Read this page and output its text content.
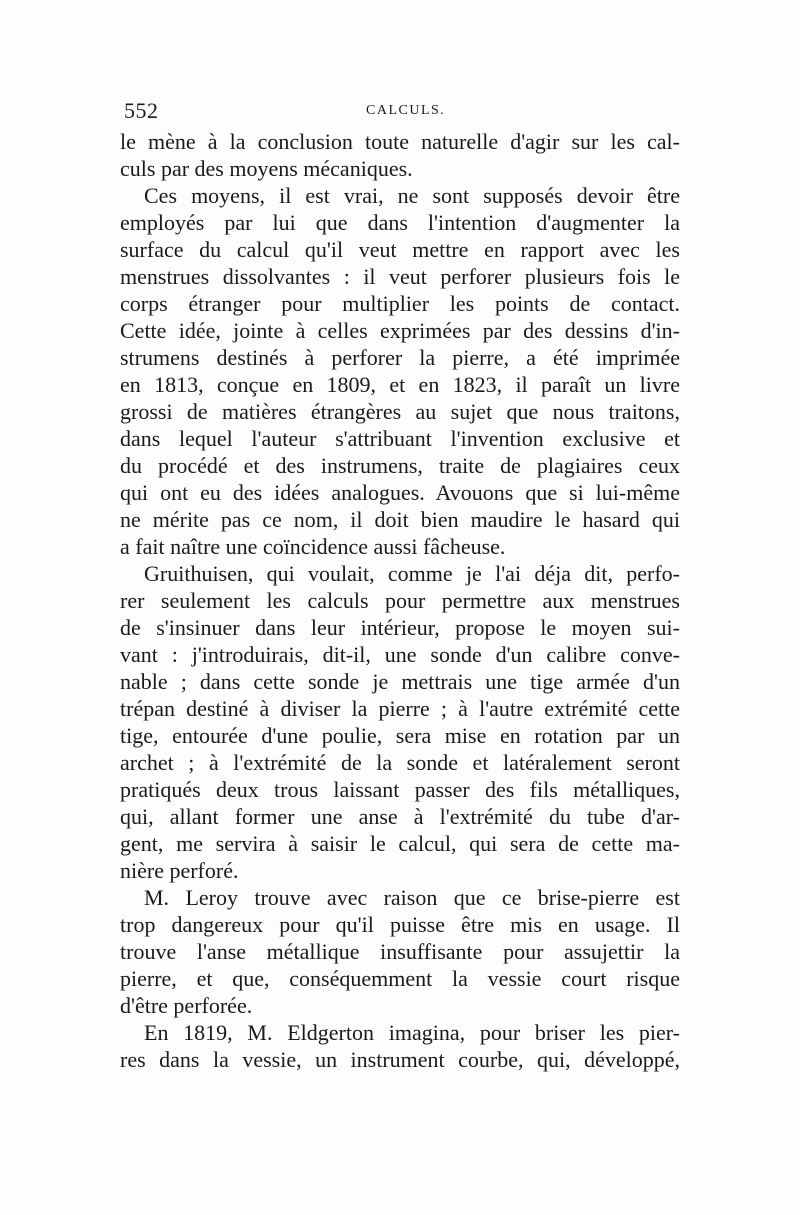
552	CALCULS.
le mène à la conclusion toute naturelle d'agir sur les cal-
culs par des moyens mécaniques.
Ces moyens, il est vrai, ne sont supposés devoir être
employés par lui que dans l'intention d'augmenter la
surface du calcul qu'il veut mettre en rapport avec les
menstrues dissolvantes : il veut perforer plusieurs fois le
corps étranger pour multiplier les points de contact.
Cette idée, jointe à celles exprimées par des dessins d'in-
strumens destinés à perforer la pierre, a été imprimée
en 1813, conçue en 1809, et en 1823, il paraît un livre
grossi de matières étrangères au sujet que nous traitons,
dans lequel l'auteur s'attribuant l'invention exclusive et
du procédé et des instrumens, traite de plagiaires ceux
qui ont eu des idées analogues. Avouons que si lui-même
ne mérite pas ce nom, il doit bien maudire le hasard qui
a fait naître une coïncidence aussi fâcheuse.
Gruithuisen, qui voulait, comme je l'ai déja dit, perfo-
rer seulement les calculs pour permettre aux menstrues
de s'insinuer dans leur intérieur, propose le moyen sui-
vant : j'introduirais, dit-il, une sonde d'un calibre conve-
nable ; dans cette sonde je mettrais une tige armée d'un
trépan destiné à diviser la pierre ; à l'autre extrémité cette
tige, entourée d'une poulie, sera mise en rotation par un
archet ; à l'extrémité de la sonde et latéralement seront
pratiqués deux trous laissant passer des fils métalliques,
qui, allant former une anse à l'extrémité du tube d'ar-
gent, me servira à saisir le calcul, qui sera de cette ma-
nière perforé.
M. Leroy trouve avec raison que ce brise-pierre est
trop dangereux pour qu'il puisse être mis en usage. Il
trouve l'anse métallique insuffisante pour assujettir la
pierre, et que, conséquemment la vessie court risque
d'être perforée.
En 1819, M. Eldgerton imagina, pour briser les pier-
res dans la vessie, un instrument courbe, qui, développé,
